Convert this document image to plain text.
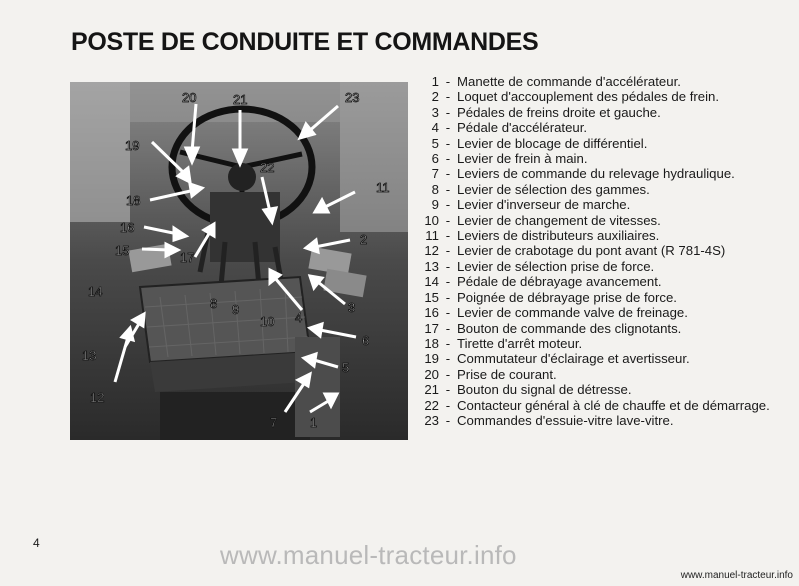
POSTE DE CONDUITE ET COMMANDES
20	21	23
19
22
11
18
16
15	17
2
8 9
10 4
3
6
5
14
13
12
7	1
1 - Manette de commande d'accélérateur.
2 - Loquet d'accouplement des pédales de frein.
3 - Pédales de freins droite et gauche.
4 - Pédale d'accélérateur.
5 - Levier de blocage de différentiel.
6 - Levier de frein à main.
7 - Leviers de commande du relevage hydraulique.
8 - Levier de sélection des gammes.
9 - Levier d'inverseur de marche.
10 - Levier de changement de vitesses.
11 - Leviers de distributeurs auxiliaires.
12 - Levier de crabotage du pont avant (R 781-4S)
13 - Levier de sélection prise de force.
14 - Pédale de débrayage avancement.
15 - Poignée de débrayage prise de force.
16 - Levier de commande valve de freinage.
17 - Bouton de commande des clignotants.
18 - Tirette d'arrêt moteur.
19 - Commutateur d'éclairage et avertisseur.
20 - Prise de courant.
21 - Bouton du signal de détresse.
22 - Contacteur général à clé de chauffe et de démarrage.
23 - Commandes d'essuie-vitre lave-vitre.
4	www.manuel-tracteur.info
www.manuel-tracteur.info
